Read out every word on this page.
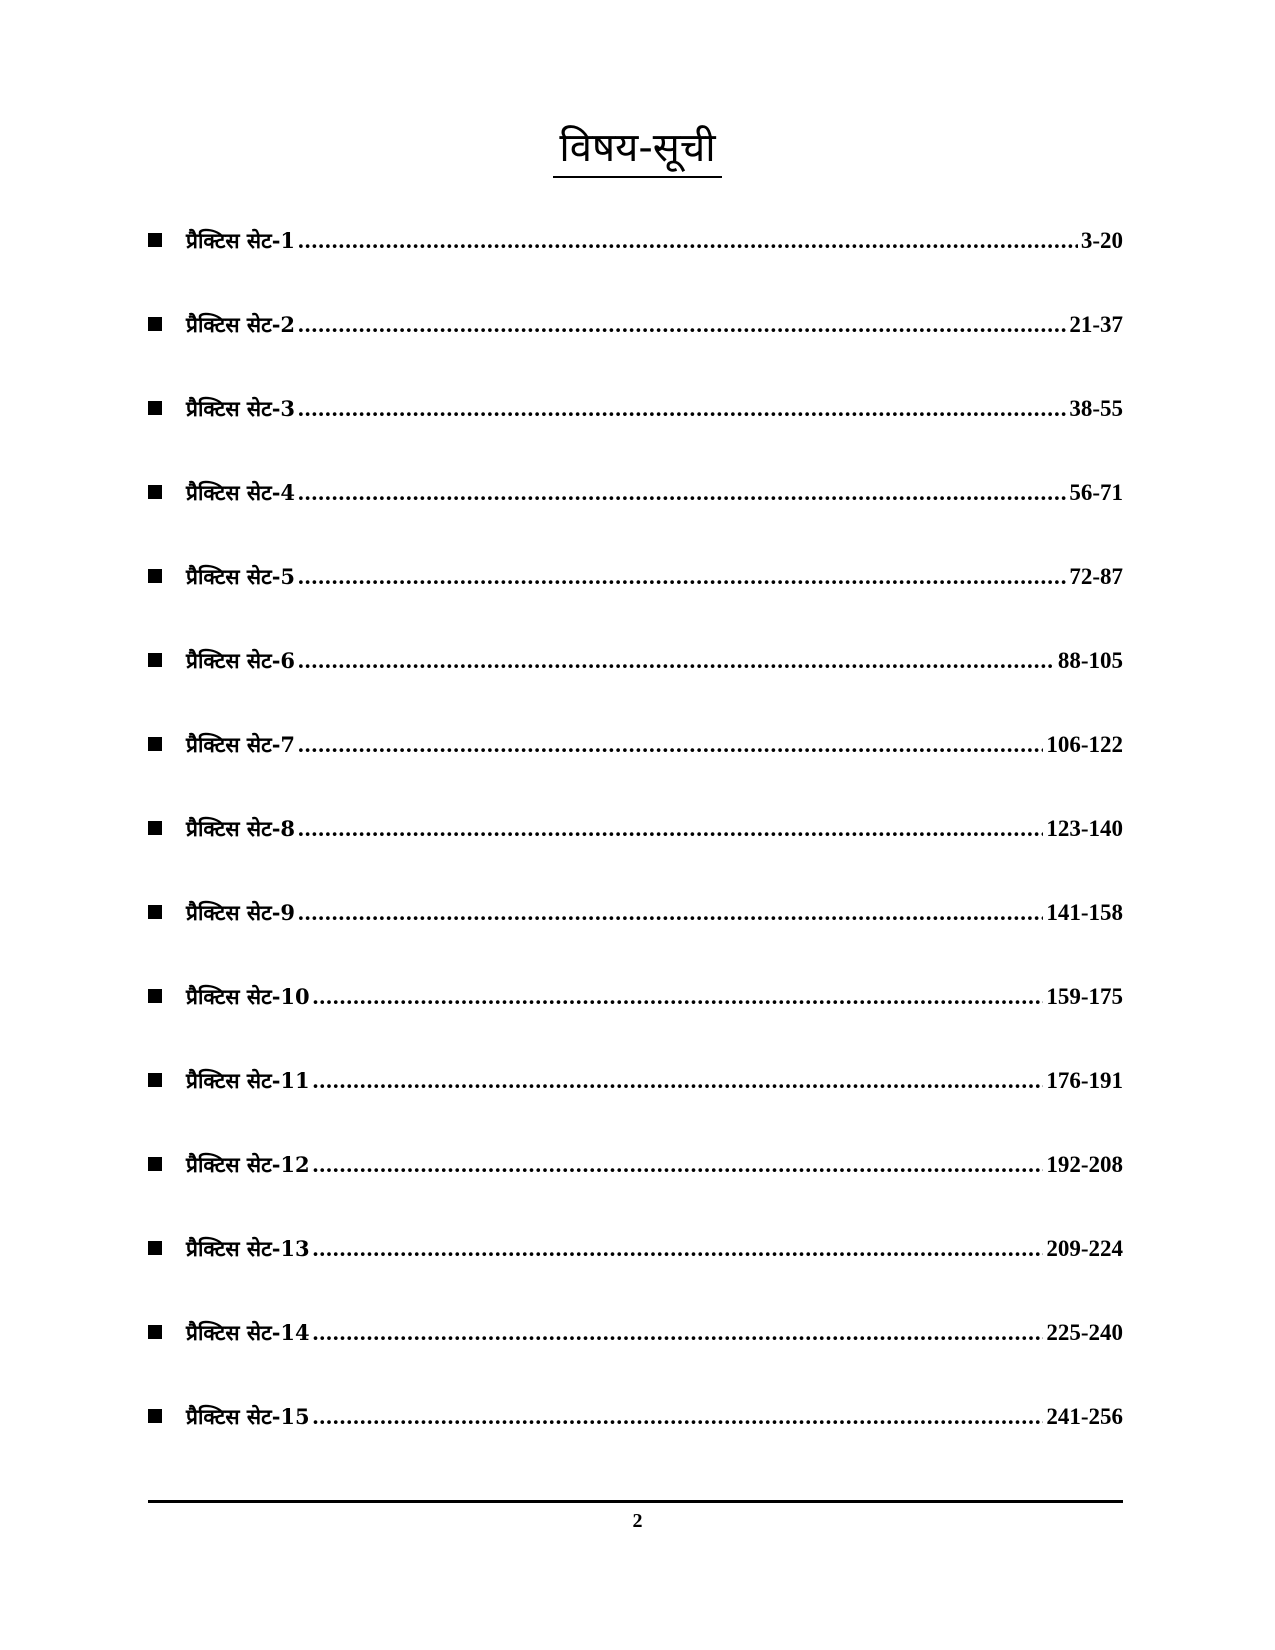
विषय-सूची
प्रैक्टिस सेट-1 .....	3-20
प्रैक्टिस सेट-2 .....	21-37
प्रैक्टिस सेट-3 .....	38-55
प्रैक्टिस सेट-4 .....	56-71
प्रैक्टिस सेट-5 .....	72-87
प्रैक्टिस सेट-6 .....	88-105
प्रैक्टिस सेट-7 .....	106-122
प्रैक्टिस सेट-8 .....	123-140
प्रैक्टिस सेट-9 .....	141-158
प्रैक्टिस सेट-10 .....	159-175
प्रैक्टिस सेट-11 .....	176-191
प्रैक्टिस सेट-12 .....	192-208
प्रैक्टिस सेट-13 .....	209-224
प्रैक्टिस सेट-14 .....	225-240
प्रैक्टिस सेट-15 .....	241-256
2
